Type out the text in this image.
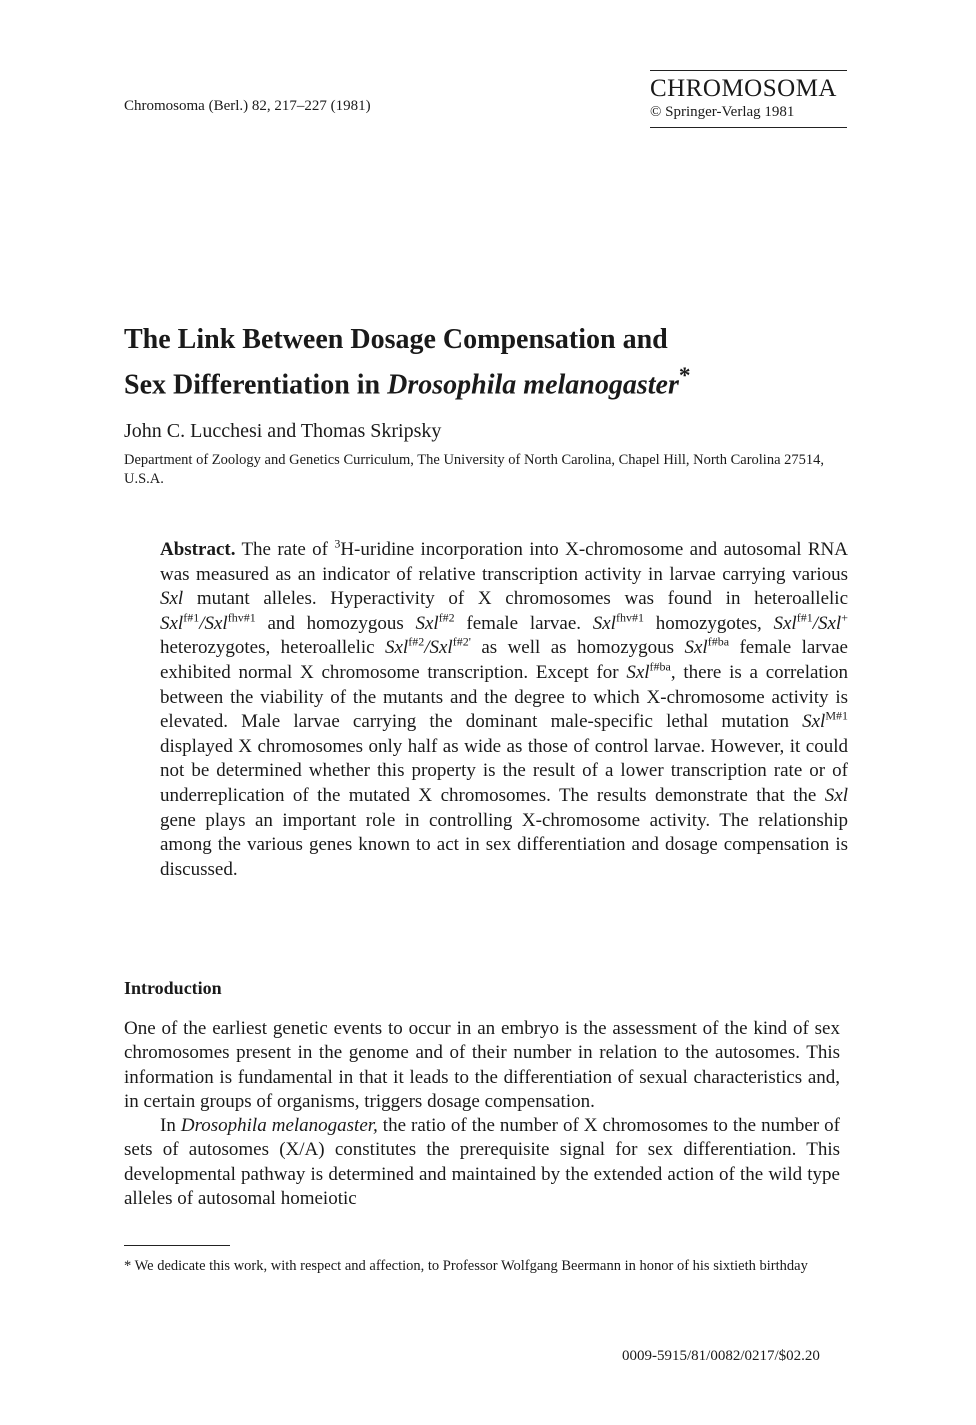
Chromosoma (Berl.) 82, 217–227 (1981)
CHROMOSOMA
© Springer-Verlag 1981
The Link Between Dosage Compensation and
Sex Differentiation in Drosophila melanogaster*
John C. Lucchesi and Thomas Skripsky
Department of Zoology and Genetics Curriculum, The University of North Carolina, Chapel Hill, North Carolina 27514, U.S.A.
Abstract. The rate of $^3$H-uridine incorporation into X-chromosome and autosomal RNA was measured as an indicator of relative transcription activity in larvae carrying various Sxl mutant alleles. Hyperactivity of X chromosomes was found in heteroallelic Sxl$^{f\#1}$/Sxl$^{fhv\#1}$ and homozygous Sxl$^{f\#2}$ female larvae. Sxl$^{fhv\#1}$ homozygotes, Sxl$^{f\#1}$/Sxl+ heterozygotes, heteroallelic Sxl$^{f\#2}$/Sxl$^{f\#2'}$ as well as homozygous Sxl$^{f\#ba}$ female larvae exhibited normal X chromosome transcription. Except for Sxl$^{f\#ba}$, there is a correlation between the viability of the mutants and the degree to which X-chromosome activity is elevated. Male larvae carrying the dominant male-specific lethal mutation Sxl$^{M\#1}$ displayed X chromosomes only half as wide as those of control larvae. However, it could not be determined whether this property is the result of a lower transcription rate or of underreplication of the mutated X chromosomes. The results demonstrate that the Sxl gene plays an important role in controlling X-chromosome activity. The relationship among the various genes known to act in sex differentiation and dosage compensation is discussed.
Introduction

One of the earliest genetic events to occur in an embryo is the assessment of the kind of sex chromosomes present in the genome and of their number in relation to the autosomes. This information is fundamental in that it leads to the differentiation of sexual characteristics and, in certain groups of organisms, triggers dosage compensation.

In Drosophila melanogaster, the ratio of the number of X chromosomes to the number of sets of autosomes (X/A) constitutes the prerequisite signal for sex differentiation. This developmental pathway is determined and maintained by the extended action of the wild type alleles of autosomal homeiotic

* We dedicate this work, with respect and affection, to Professor Wolfgang Beermann in honor of his sixtieth birthday
0009-5915/81/0082/0217/$02.20
